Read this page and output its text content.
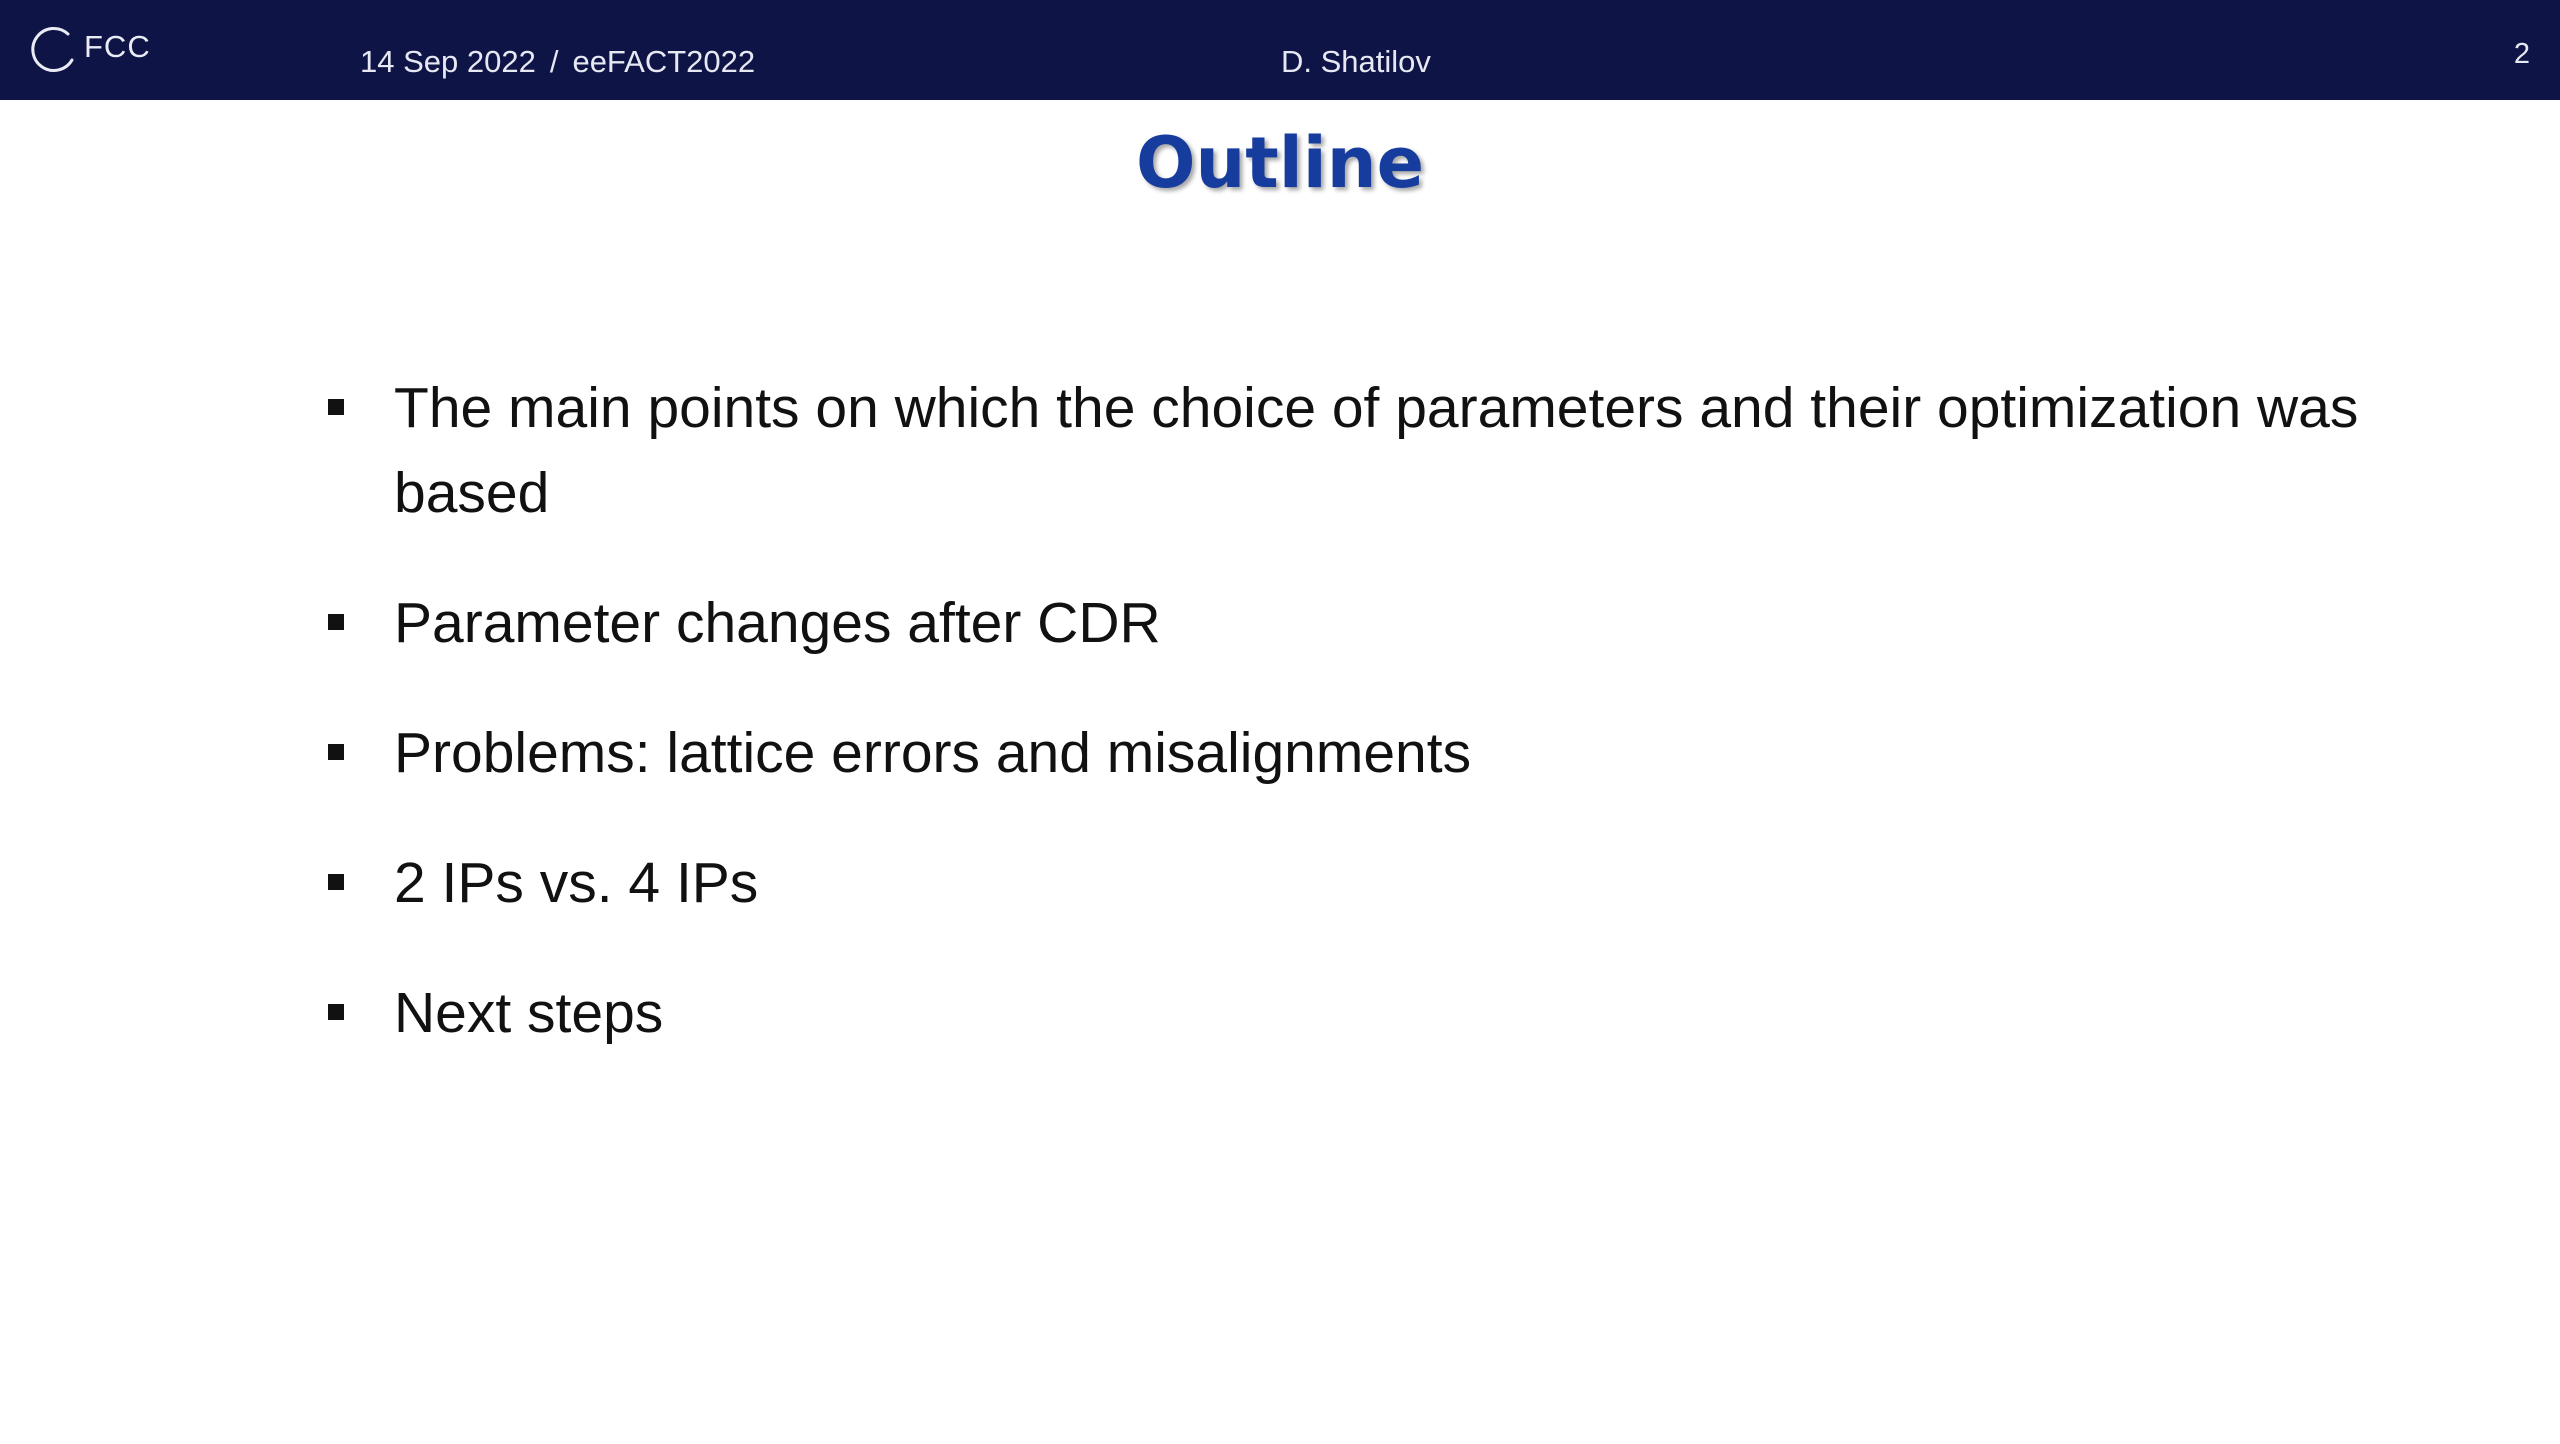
FCC	14 Sep 2022 / eeFACT2022	D. Shatilov	2
Outline
The main points on which the choice of parameters and their optimization was based
Parameter changes after CDR
Problems: lattice errors and misalignments
2 IPs vs. 4 IPs
Next steps
